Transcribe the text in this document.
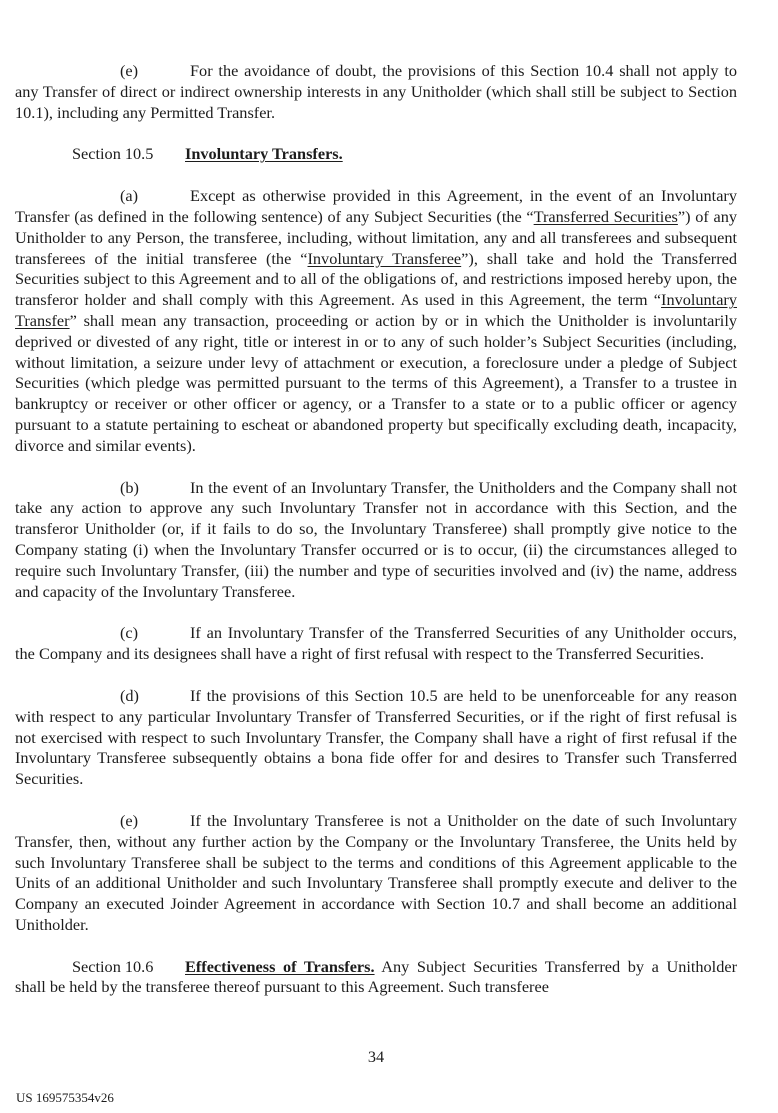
(e)	For the avoidance of doubt, the provisions of this Section 10.4 shall not apply to any Transfer of direct or indirect ownership interests in any Unitholder (which shall still be subject to Section 10.1), including any Permitted Transfer.

Section 10.5 Involuntary Transfers.

(a)	Except as otherwise provided in this Agreement, in the event of an Involuntary Transfer (as defined in the following sentence) of any Subject Securities (the “Transferred Securities”) of any Unitholder to any Person, the transferee, including, without limitation, any and all transferees and subsequent transferees of the initial transferee (the “Involuntary Transferee”), shall take and hold the Transferred Securities subject to this Agreement and to all of the obligations of, and restrictions imposed hereby upon, the transferor holder and shall comply with this Agreement. As used in this Agreement, the term “Involuntary Transfer” shall mean any transaction, proceeding or action by or in which the Unitholder is involuntarily deprived or divested of any right, title or interest in or to any of such holder’s Subject Securities (including, without limitation, a seizure under levy of attachment or execution, a foreclosure under a pledge of Subject Securities (which pledge was permitted pursuant to the terms of this Agreement), a Transfer to a trustee in bankruptcy or receiver or other officer or agency, or a Transfer to a state or to a public officer or agency pursuant to a statute pertaining to escheat or abandoned property but specifically excluding death, incapacity, divorce and similar events).

(b)	In the event of an Involuntary Transfer, the Unitholders and the Company shall not take any action to approve any such Involuntary Transfer not in accordance with this Section, and the transferor Unitholder (or, if it fails to do so, the Involuntary Transferee) shall promptly give notice to the Company stating (i) when the Involuntary Transfer occurred or is to occur, (ii) the circumstances alleged to require such Involuntary Transfer, (iii) the number and type of securities involved and (iv) the name, address and capacity of the Involuntary Transferee.

(c)	If an Involuntary Transfer of the Transferred Securities of any Unitholder occurs, the Company and its designees shall have a right of first refusal with respect to the Transferred Securities.

(d)	If the provisions of this Section 10.5 are held to be unenforceable for any reason with respect to any particular Involuntary Transfer of Transferred Securities, or if the right of first refusal is not exercised with respect to such Involuntary Transfer, the Company shall have a right of first refusal if the Involuntary Transferee subsequently obtains a bona fide offer for and desires to Transfer such Transferred Securities.

(e)	If the Involuntary Transferee is not a Unitholder on the date of such Involuntary Transfer, then, without any further action by the Company or the Involuntary Transferee, the Units held by such Involuntary Transferee shall be subject to the terms and conditions of this Agreement applicable to the Units of an additional Unitholder and such Involuntary Transferee shall promptly execute and deliver to the Company an executed Joinder Agreement in accordance with Section 10.7 and shall become an additional Unitholder.

Section 10.6 Effectiveness of Transfers. Any Subject Securities Transferred by a Unitholder shall be held by the transferee thereof pursuant to this Agreement. Such transferee

34
US 169575354v26
